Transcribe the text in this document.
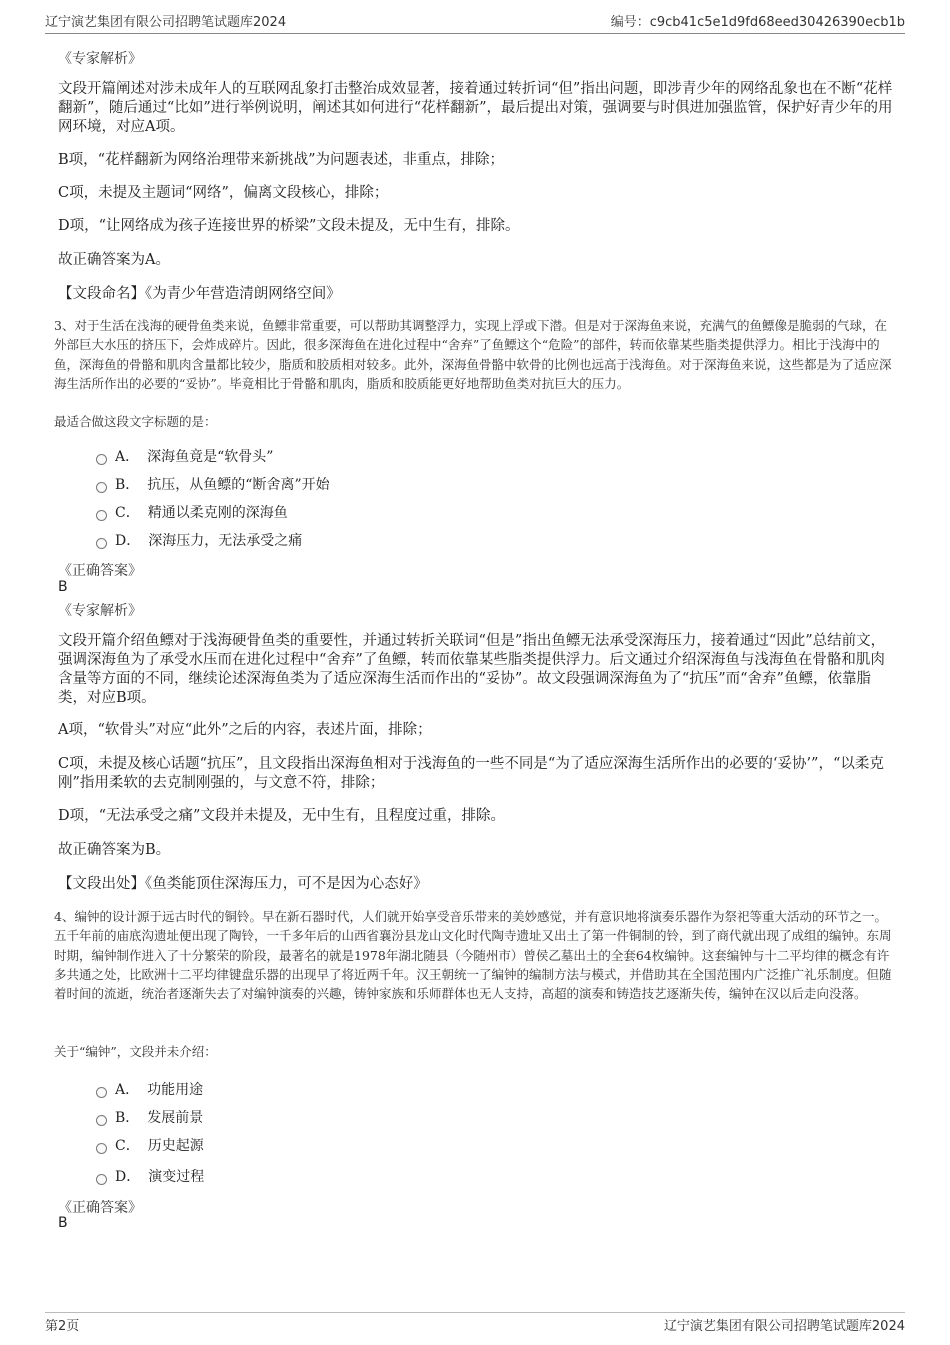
辽宁演艺集团有限公司招聘笔试题库2024	编号：c9cb41c5e1d9fd68eed30426390ecb1b
《专家解析》

文段开篇阐述对涉未成年人的互联网乱象打击整治成效显著，接着通过转折词“但”指出问题，即涉青少年的网络乱象也在不断“花样翻新”，随后通过“比如”进行举例说明，阐述其如何进行“花样翻新”，最后提出对策，强调要与时俱进加强监管，保护好青少年的用网环境，对应A项。

B项，“花样翻新为网络治理带来新挑战”为问题表述，非重点，排除；
C项，未提及主题词“网络”，偏离文段核心，排除；
D项，“让网络成为孩子连接世界的桥梁”文段未提及，无中生有，排除。
故正确答案为A。
【文段命名】《为青少年营造清朗网络空间》

3、对于生活在浅海的硬骨鱼类来说，鱼鳔非常重要，可以帮助其调整浮力，实现上浮或下潜。但是对于深海鱼来说，充满气的鱼鳔像是脆弱的气球，在外部巨大水压的挤压下，会炸成碎片。因此，很多深海鱼在进化过程中“舍弃”了鱼鳔这个“危险”的部件，转而依靠某些脂类提供浮力。相比于浅海中的鱼，深海鱼的骨骼和肌肉含量都比较少，脂质和胶质相对较多。此外，深海鱼骨骼中软骨的比例也远高于浅海鱼。对于深海鱼来说，这些都是为了适应深海生活所作出的必要的“妥协”。毕竟相比于骨骼和肌肉，脂质和胶质能更好地帮助鱼类对抗巨大的压力。

最适合做这段文字标题的是：
A． 深海鱼竟是“软骨头”
B． 抗压，从鱼鳔的“断舍离”开始
C． 精通以柔克刚的深海鱼
D． 深海压力，无法承受之痛
《正确答案》
B
《专家解析》

文段开篇介绍鱼鳔对于浅海硬骨鱼类的重要性，并通过转折关联词“但是”指出鱼鳔无法承受深海压力，接着通过“因此”总结前文，强调深海鱼为了承受水压而在进化过程中“舍弃”了鱼鳔，转而依靠某些脂类提供浮力。后文通过介绍深海鱼与浅海鱼在骨骼和肌肉含量等方面的不同，继续论述深海鱼类为了适应深海生活而作出的“妥协”。故文段强调深海鱼为了“抗压”而“舍弃”鱼鳔，依靠脂类，对应B项。

A项，“软骨头”对应“此外”之后的内容，表述片面，排除；

C项，未提及核心话题“抗压”，且文段指出深海鱼相对于浅海鱼的一些不同是“为了适应深海生活所作出的必要的‘妥协’”，“以柔克刚”指用柔软的去克制刚强的，与文意不符，排除；

D项，“无法承受之痛”文段并未提及，无中生有，且程度过重，排除。
故正确答案为B。
【文段出处】《鱼类能顶住深海压力，可不是因为心态好》

4、编钟的设计源于远古时代的铜铃。早在新石器时代，人们就开始享受音乐带来的美妙感觉，并有意识地将演奏乐器作为祭祀等重大活动的环节之一。五千年前的庙底沟遗址便出现了陶铃，一千多年后的山西省襄汾县龙山文化时代陶寺遗址又出土了第一件铜制的铃，到了商代就出现了成组的编钟。东周时期，编钟制作进入了十分繁荣的阶段，最著名的就是1978年湖北随县（今随州市）曾侯乙墓出土的全套64枚编钟。这套编钟与十二平均律的概念有许多共通之处，比欧洲十二平均律键盘乐器的出现早了将近两千年。汉王朝统一了编钟的编制方法与模式，并借助其在全国范围内广泛推广礼乐制度。但随着时间的流逝，统治者逐渐失去了对编钟演奏的兴趣，铸钟家族和乐师群体也无人支持，高超的演奏和铸造技艺逐渐失传，编钟在汉以后走向没落。

关于“编钟”，文段并未介绍：
A． 功能用途
B． 发展前景
C． 历史起源
D． 演变过程
《正确答案》
B
第2页	辽宁演艺集团有限公司招聘笔试题库2024
